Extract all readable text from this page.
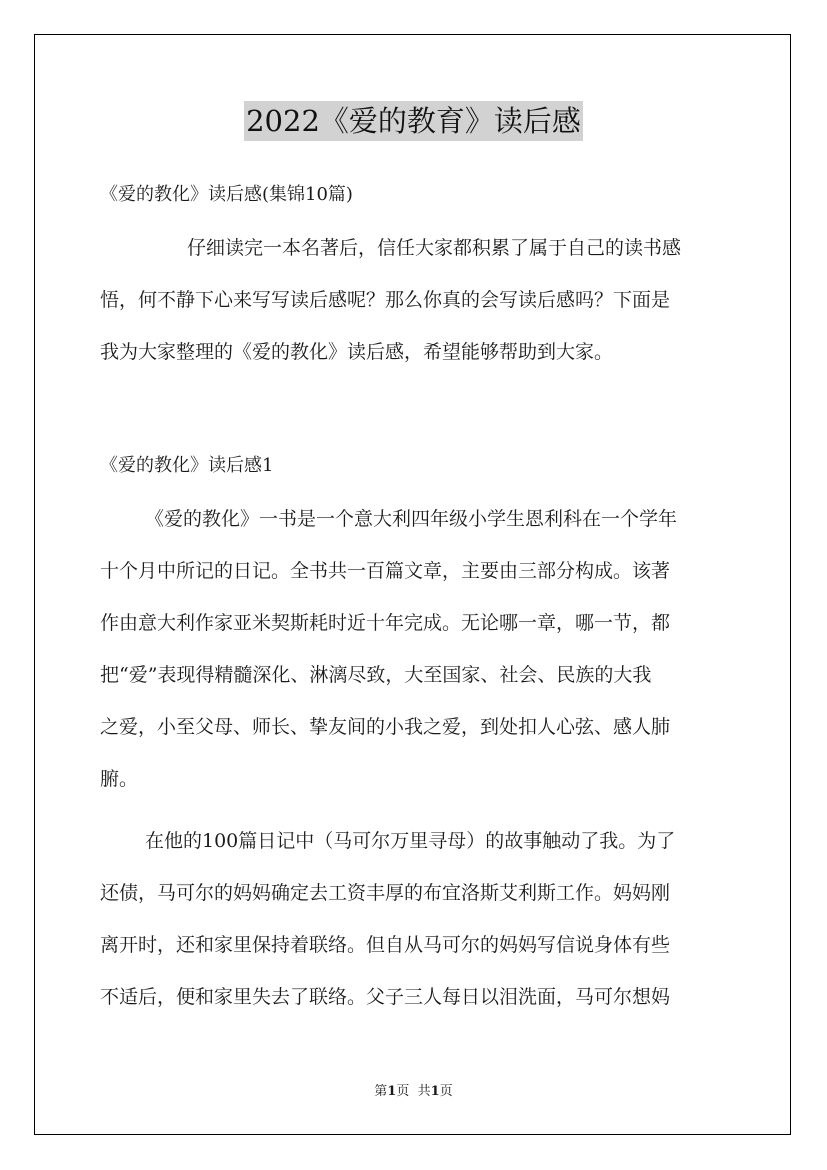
2022《爱的教育》读后感
《爱的教化》读后感(集锦10篇)
仔细读完一本名著后，信任大家都积累了属于自己的读书感
悟，何不静下心来写写读后感呢？那么你真的会写读后感吗？下面是
我为大家整理的《爱的教化》读后感，希望能够帮助到大家。
《爱的教化》读后感1
《爱的教化》一书是一个意大利四年级小学生恩利科在一个学年
十个月中所记的日记。全书共一百篇文章，主要由三部分构成。该著
作由意大利作家亚米契斯耗时近十年完成。无论哪一章，哪一节，都
把“爱”表现得精髓深化、淋漓尽致，大至国家、社会、民族的大我
之爱，小至父母、师长、挚友间的小我之爱，到处扣人心弦、感人肺
腑。
在他的100篇日记中（马可尔万里寻母）的故事触动了我。为了
还债，马可尔的妈妈确定去工资丰厚的布宜洛斯艾利斯工作。妈妈刚
离开时，还和家里保持着联络。但自从马可尔的妈妈写信说身体有些
不适后，便和家里失去了联络。父子三人每日以泪洗面，马可尔想妈
第1页 共1页
